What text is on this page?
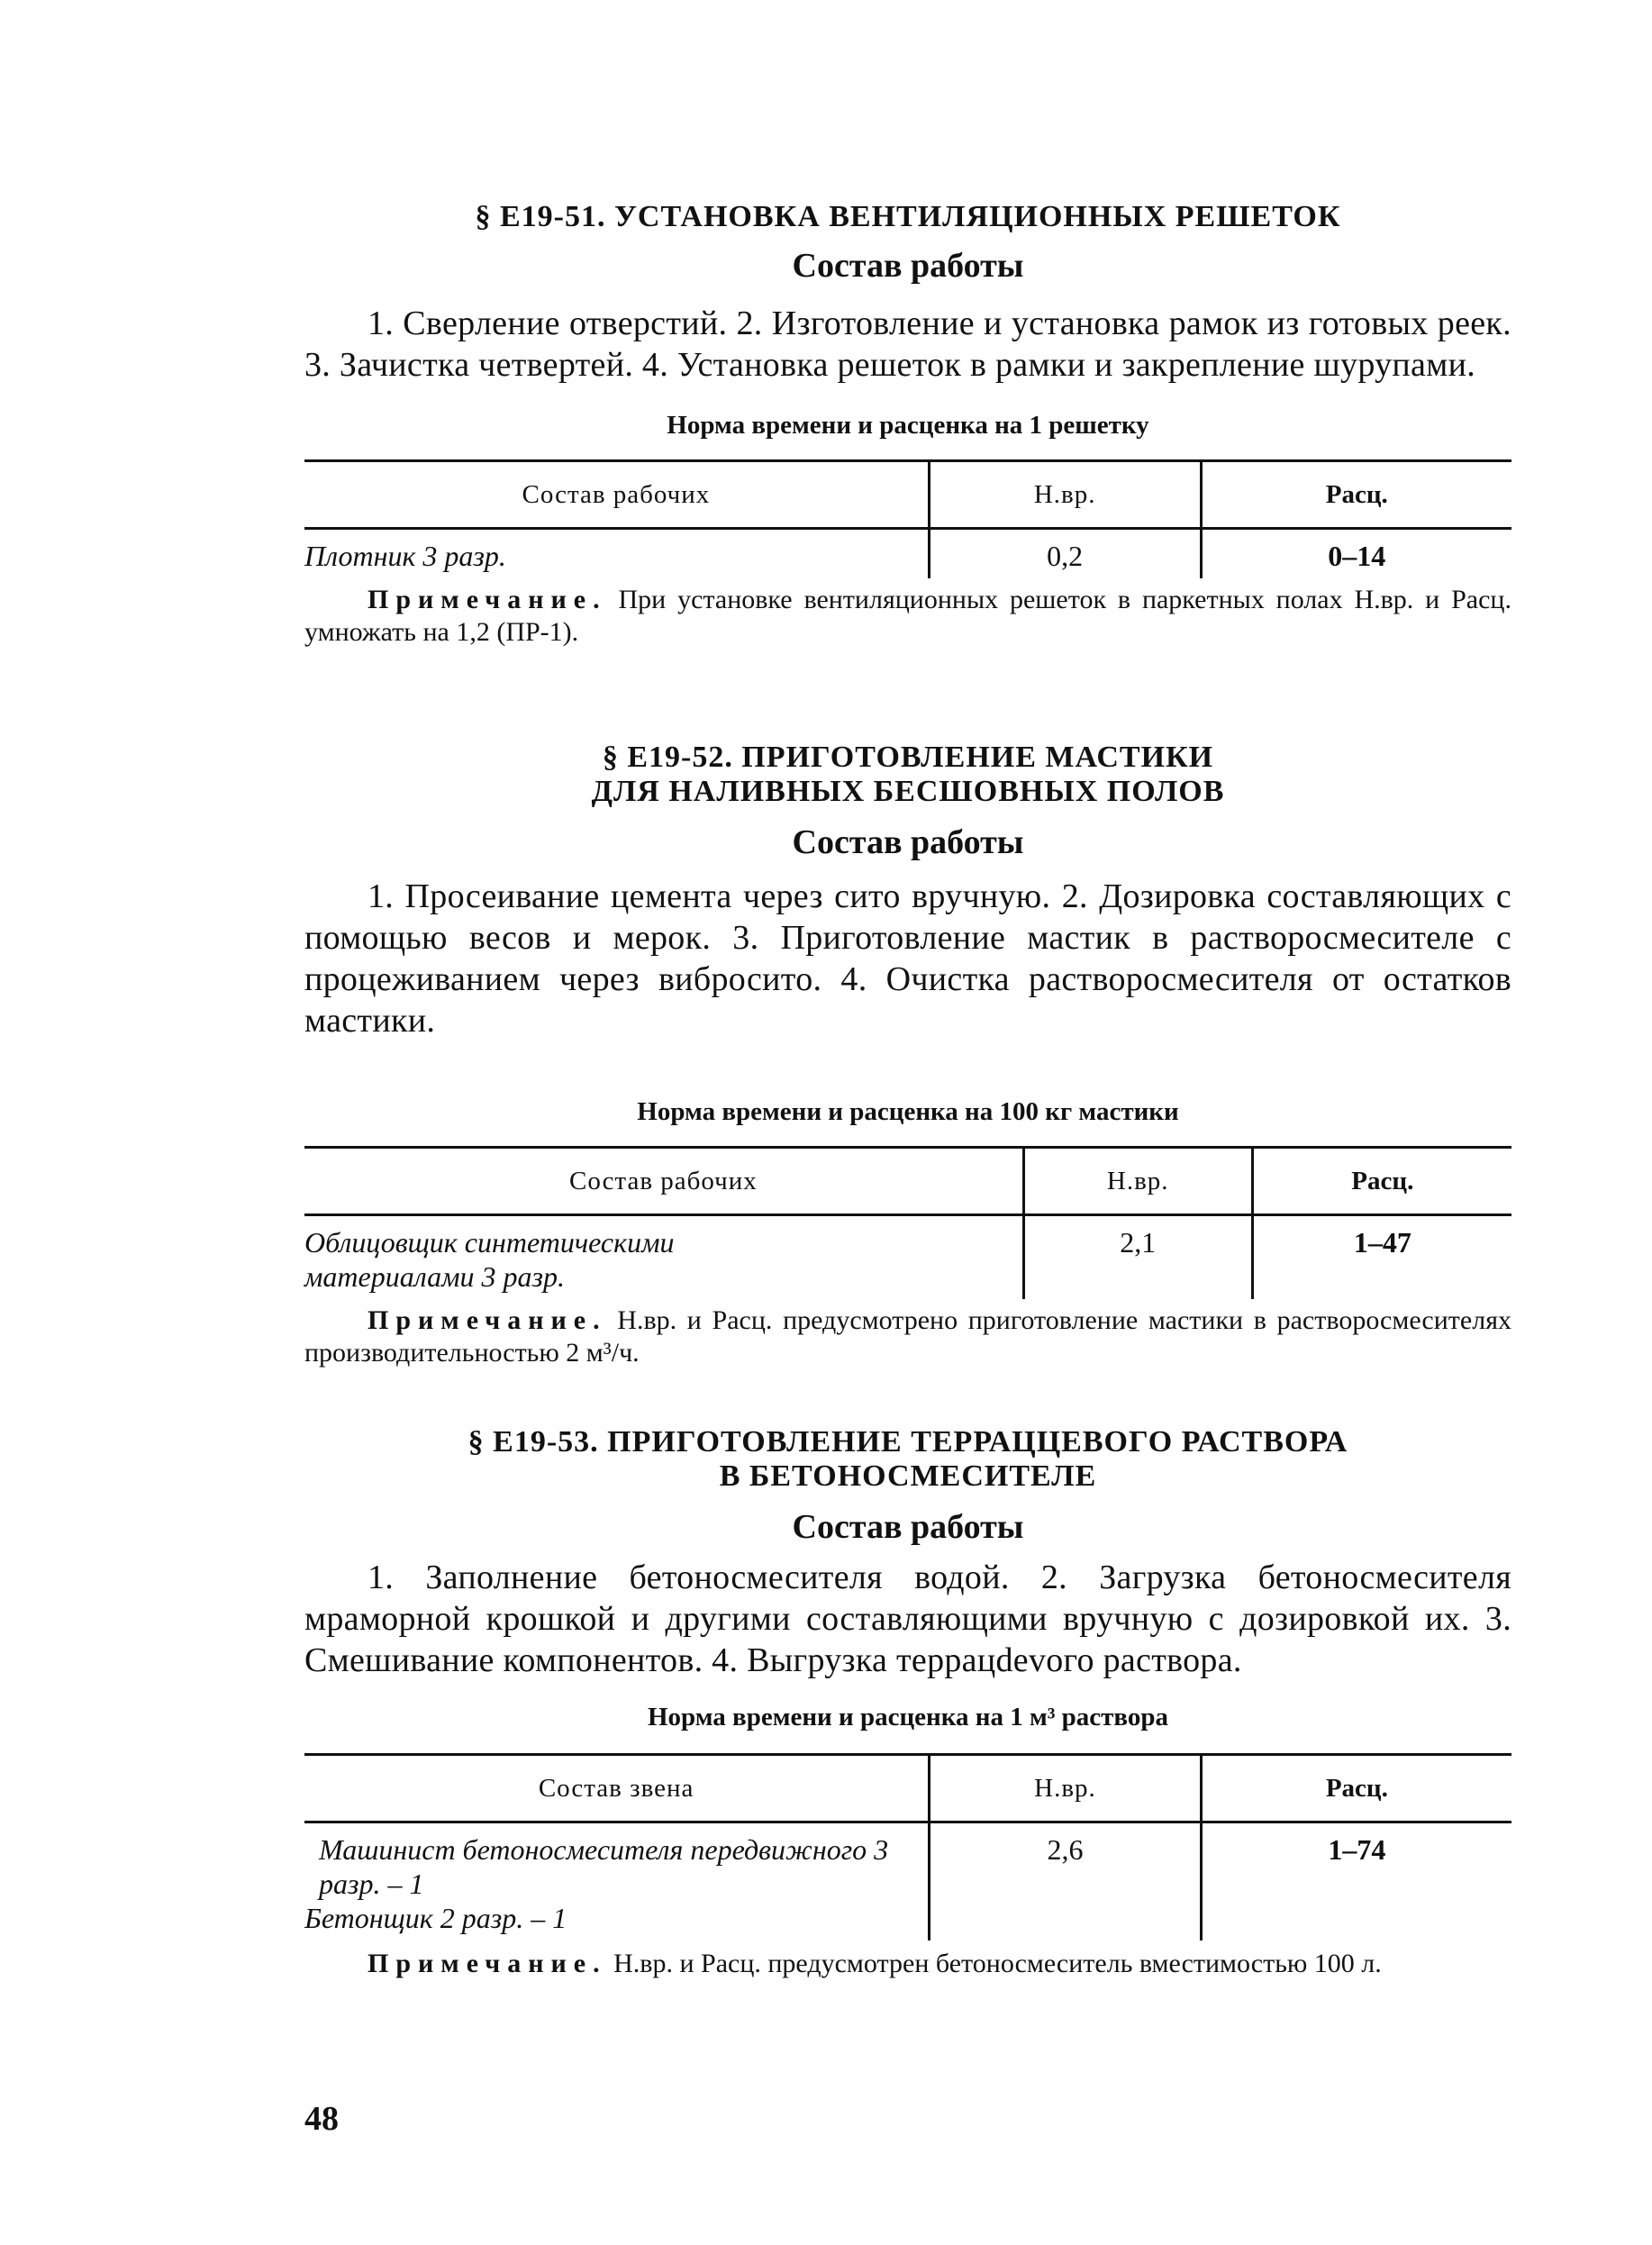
§ Е19-51. УСТАНОВКА ВЕНТИЛЯЦИОННЫХ РЕШЕТОК

Состав работы

1. Сверление отверстий. 2. Изготовление и установка рамок из готовых реек. 3. Зачистка четвертей. 4. Установка решеток в рамки и закрепление шурупами.

Норма времени и расценка на 1 решетку

Состав рабочих	Н.вр.	Расц.
Плотник 3 разр.	0,2	0–14

Примечание. При установке вентиляционных решеток в паркетных полах Н.вр. и Расц. умножать на 1,2 (ПР-1).

§ Е19-52. ПРИГОТОВЛЕНИЕ МАСТИКИ

ДЛЯ НАЛИВНЫХ БЕСШОВНЫХ ПОЛОВ

Состав работы

1. Просеивание цемента через сито вручную. 2. Дозировка составляющих с помощью весов и мерок. 3. Приготовление мастик в растворосмесителе с процеживанием через вибросито. 4. Очистка растворосмесителя от остатков мастики.

Норма времени и расценка на 100 кг мастики

Состав рабочих	Н.вр.	Расц.
Облицовщик синтетическими материалами 3 разр.	2,1	1–47

Примечание. Н.вр. и Расц. предусмотрено приготовление мастики в растворосмесителях производительностью 2 м³/ч.

§ Е19-53. ПРИГОТОВЛЕНИЕ ТЕРРАЦЦЕВОГО РАСТВОРА

В БЕТОНОСМЕСИТЕЛЕ

Состав работы

1. Заполнение бетоносмесителя водой. 2. Загрузка бетоносмесителя мраморной крошкой и другими составляющими вручную с дозировкой их. 3. Смешивание компонентов. 4. Выгрузка террацdevого раствора.

Норма времени и расценка на 1 м³ раствора

Состав звена	Н.вр.	Расц.

Машинист бетоносмесителя передвижного 3 разр. – 1
Бетонщик 2 разр. – 1	2,6	1–74

Примечание. Н.вр. и Расц. предусмотрен бетоносмеситель вместимостью 100 л.

48
